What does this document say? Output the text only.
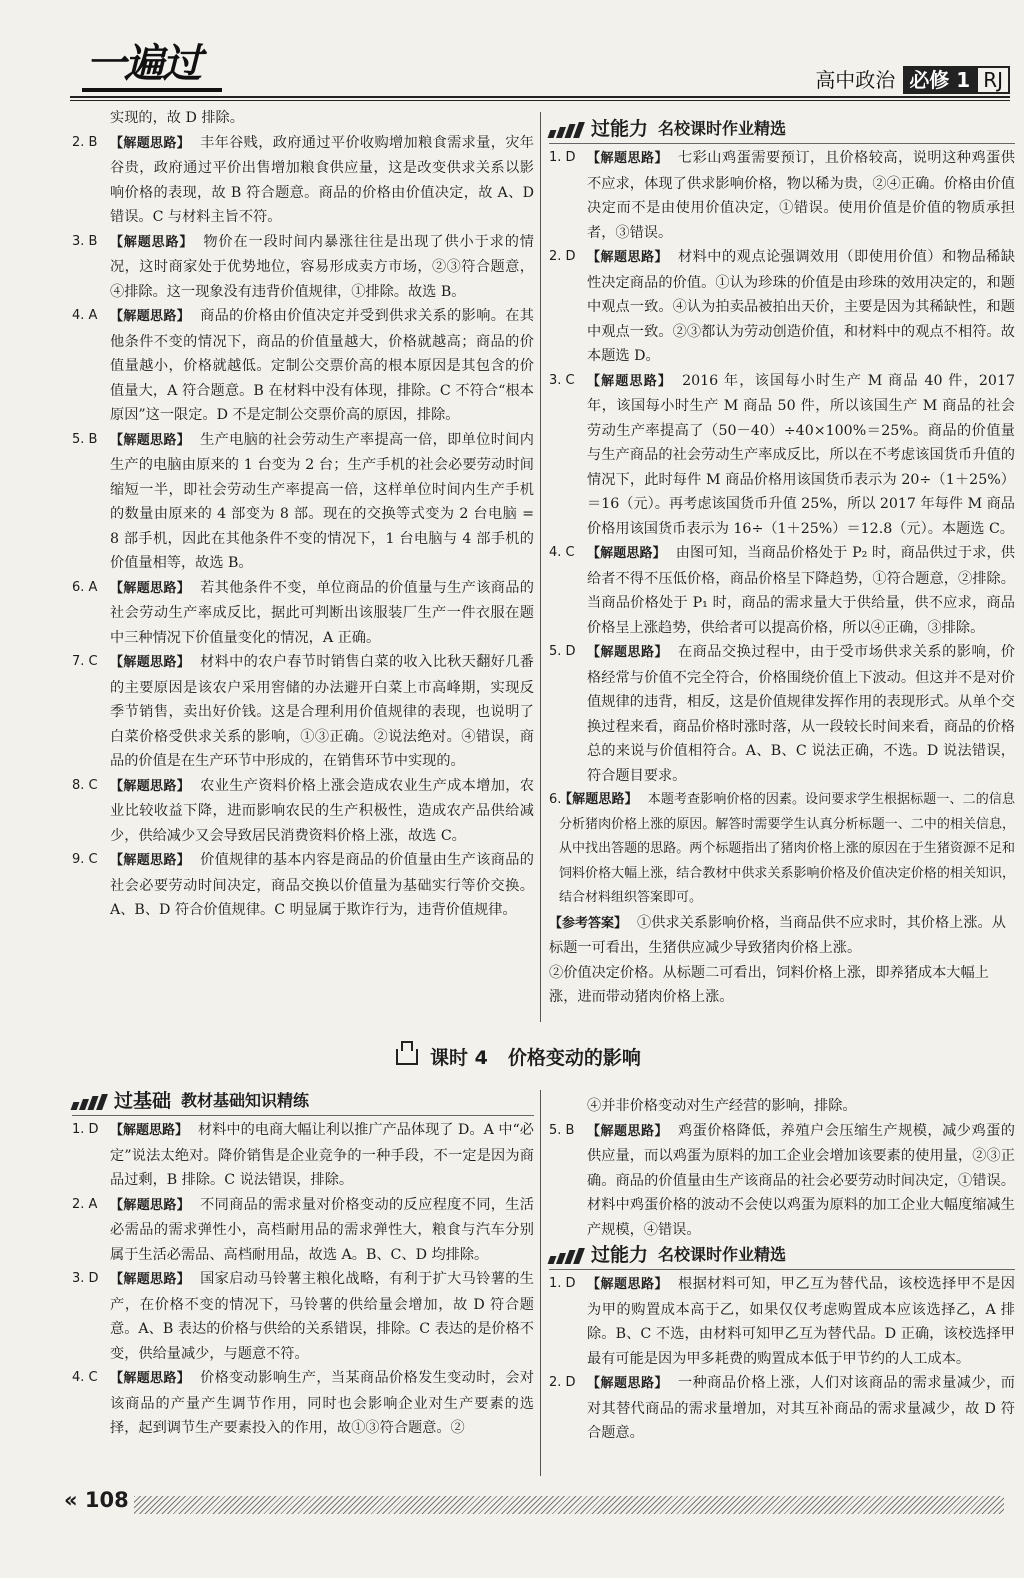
一遍过	高中政治 必修 1 RJ
实现的，故 D 排除。
2. B 【解题思路】 丰年谷贱，政府通过平价收购增加粮食需求量，灾年谷贵，政府通过平价出售增加粮食供应量，这是改变供求关系以影响价格的表现，故 B 符合题意。商品的价格由价值决定，故 A、D 错误。C 与材料主旨不符。
3. B 【解题思路】 物价在一段时间内暴涨往往是出现了供小于求的情况，这时商家处于优势地位，容易形成卖方市场，②③符合题意，④排除。这一现象没有违背价值规律，①排除。故选 B。
4. A 【解题思路】 商品的价格由价值决定并受到供求关系的影响。在其他条件不变的情况下，商品的价值量越大，价格就越高；商品的价值量越小，价格就越低。定制公交票价高的根本原因是其包含的价值量大，A 符合题意。B 在材料中没有体现，排除。C 不符合“根本原因”这一限定。D 不是定制公交票价高的原因，排除。
5. B 【解题思路】 生产电脑的社会劳动生产率提高一倍，即单位时间内生产的电脑由原来的 1 台变为 2 台；生产手机的社会必要劳动时间缩短一半，即社会劳动生产率提高一倍，这样单位时间内生产手机的数量由原来的 4 部变为 8 部。现在的交换等式变为 2 台电脑 = 8 部手机，因此在其他条件不变的情况下，1 台电脑与 4 部手机的价值量相等，故选 B。
6. A 【解题思路】 若其他条件不变，单位商品的价值量与生产该商品的社会劳动生产率成反比，据此可判断出该服装厂生产一件衣服在题中三种情况下价值量变化的情况，A 正确。
7. C 【解题思路】 材料中的农户春节时销售白菜的收入比秋天翻好几番的主要原因是该农户采用窖储的办法避开白菜上市高峰期，实现反季节销售，卖出好价钱。这是合理利用价值规律的表现，也说明了白菜价格受供求关系的影响，①③正确。②说法绝对。④错误，商品的价值是在生产环节中形成的，在销售环节中实现的。
8. C 【解题思路】 农业生产资料价格上涨会造成农业生产成本增加，农业比较收益下降，进而影响农民的生产积极性，造成农产品供给减少，供给减少又会导致居民消费资料价格上涨，故选 C。
9. C 【解题思路】 价值规律的基本内容是商品的价值量由生产该商品的社会必要劳动时间决定，商品交换以价值量为基础实行等价交换。A、B、D 符合价值规律。C 明显属于欺诈行为，违背价值规律。
过能力 名校课时作业精选
1. D 【解题思路】 七彩山鸡蛋需要预订，且价格较高，说明这种鸡蛋供不应求，体现了供求影响价格，物以稀为贵，②④正确。价格由价值决定而不是由使用价值决定，①错误。使用价值是价值的物质承担者，③错误。
2. D 【解题思路】 材料中的观点论强调效用（即使用价值）和物品稀缺性决定商品的价值。①认为珍珠的价值是由珍珠的效用决定的，和题中观点一致。④认为拍卖品被拍出天价，主要是因为其稀缺性，和题中观点一致。②③都认为劳动创造价值，和材料中的观点不相符。故本题选 D。
3. C 【解题思路】 2016 年，该国每小时生产 M 商品 40 件，2017 年，该国每小时生产 M 商品 50 件，所以该国生产 M 商品的社会劳动生产率提高了（50－40）÷40×100%＝25%。商品的价值量与生产商品的社会劳动生产率成反比，所以在不考虑该国货币升值的情况下，此时每件 M 商品价格用该国货币表示为 20÷（1＋25%）＝16（元）。再考虑该国货币升值 25%，所以 2017 年每件 M 商品价格用该国货币表示为 16÷（1＋25%）＝12.8（元）。本题选 C。
4. C 【解题思路】 由图可知，当商品价格处于 P₂ 时，商品供过于求，供给者不得不压低价格，商品价格呈下降趋势，①符合题意，②排除。当商品价格处于 P₁ 时，商品的需求量大于供给量，供不应求，商品价格呈上涨趋势，供给者可以提高价格，所以④正确，③排除。
5. D 【解题思路】 在商品交换过程中，由于受市场供求关系的影响，价格经常与价值不完全符合，价格围绕价值上下波动。但这并不是对价值规律的违背，相反，这是价值规律发挥作用的表现形式。从单个交换过程来看，商品价格时涨时落，从一段较长时间来看，商品的价格总的来说与价值相符合。A、B、C 说法正确，不选。D 说法错误，符合题目要求。
6.
【解题思路】 本题考查影响价格的因素。设问要求学生根据标题一、二的信息分析猪肉价格上涨的原因。解答时需要学生认真分析标题一、二中的相关信息，从中找出答题的思路。两个标题指出了猪肉价格上涨的原因在于生猪资源不足和饲料价格大幅上涨，结合教材中供求关系影响价格及价值决定价格的相关知识，结合材料组织答案即可。
【参考答案】 ①供求关系影响价格，当商品供不应求时，其价格上涨。从标题一可看出，生猪供应减少导致猪肉价格上涨。
②价值决定价格。从标题二可看出，饲料价格上涨，即养猪成本大幅上涨，进而带动猪肉价格上涨。
课时 4 价格变动的影响
过基础 教材基础知识精练
1. D 【解题思路】 材料中的电商大幅让利以推广产品体现了 D。A 中“必定”说法太绝对。降价销售是企业竞争的一种手段，不一定是因为商品过剩，B 排除。C 说法错误，排除。
2. A 【解题思路】 不同商品的需求量对价格变动的反应程度不同，生活必需品的需求弹性小，高档耐用品的需求弹性大，粮食与汽车分别属于生活必需品、高档耐用品，故选 A。B、C、D 均排除。
3. D 【解题思路】 国家启动马铃薯主粮化战略，有利于扩大马铃薯的生产，在价格不变的情况下，马铃薯的供给量会增加，故 D 符合题意。A、B 表达的价格与供给的关系错误，排除。C 表达的是价格不变，供给量减少，与题意不符。
4. C 【解题思路】 价格变动影响生产，当某商品价格发生变动时，会对该商品的产量产生调节作用，同时也会影响企业对生产要素的选择，起到调节生产要素投入的作用，故①③符合题意。②
④并非价格变动对生产经营的影响，排除。
5. B 【解题思路】 鸡蛋价格降低，养殖户会压缩生产规模，减少鸡蛋的供应量，而以鸡蛋为原料的加工企业会增加该要素的使用量，②③正确。商品的价值量由生产该商品的社会必要劳动时间决定，①错误。材料中鸡蛋价格的波动不会使以鸡蛋为原料的加工企业大幅度缩减生产规模，④错误。
过能力 名校课时作业精选
1. D 【解题思路】 根据材料可知，甲乙互为替代品，该校选择甲不是因为甲的购置成本高于乙，如果仅仅考虑购置成本应该选择乙，A 排除。B、C 不选，由材料可知甲乙互为替代品。D 正确，该校选择甲最有可能是因为甲多耗费的购置成本低于甲节约的人工成本。
2. D 【解题思路】 一种商品价格上涨，人们对该商品的需求量减少，而对其替代商品的需求量增加，对其互补商品的需求量减少，故 D 符合题意。
« 108
